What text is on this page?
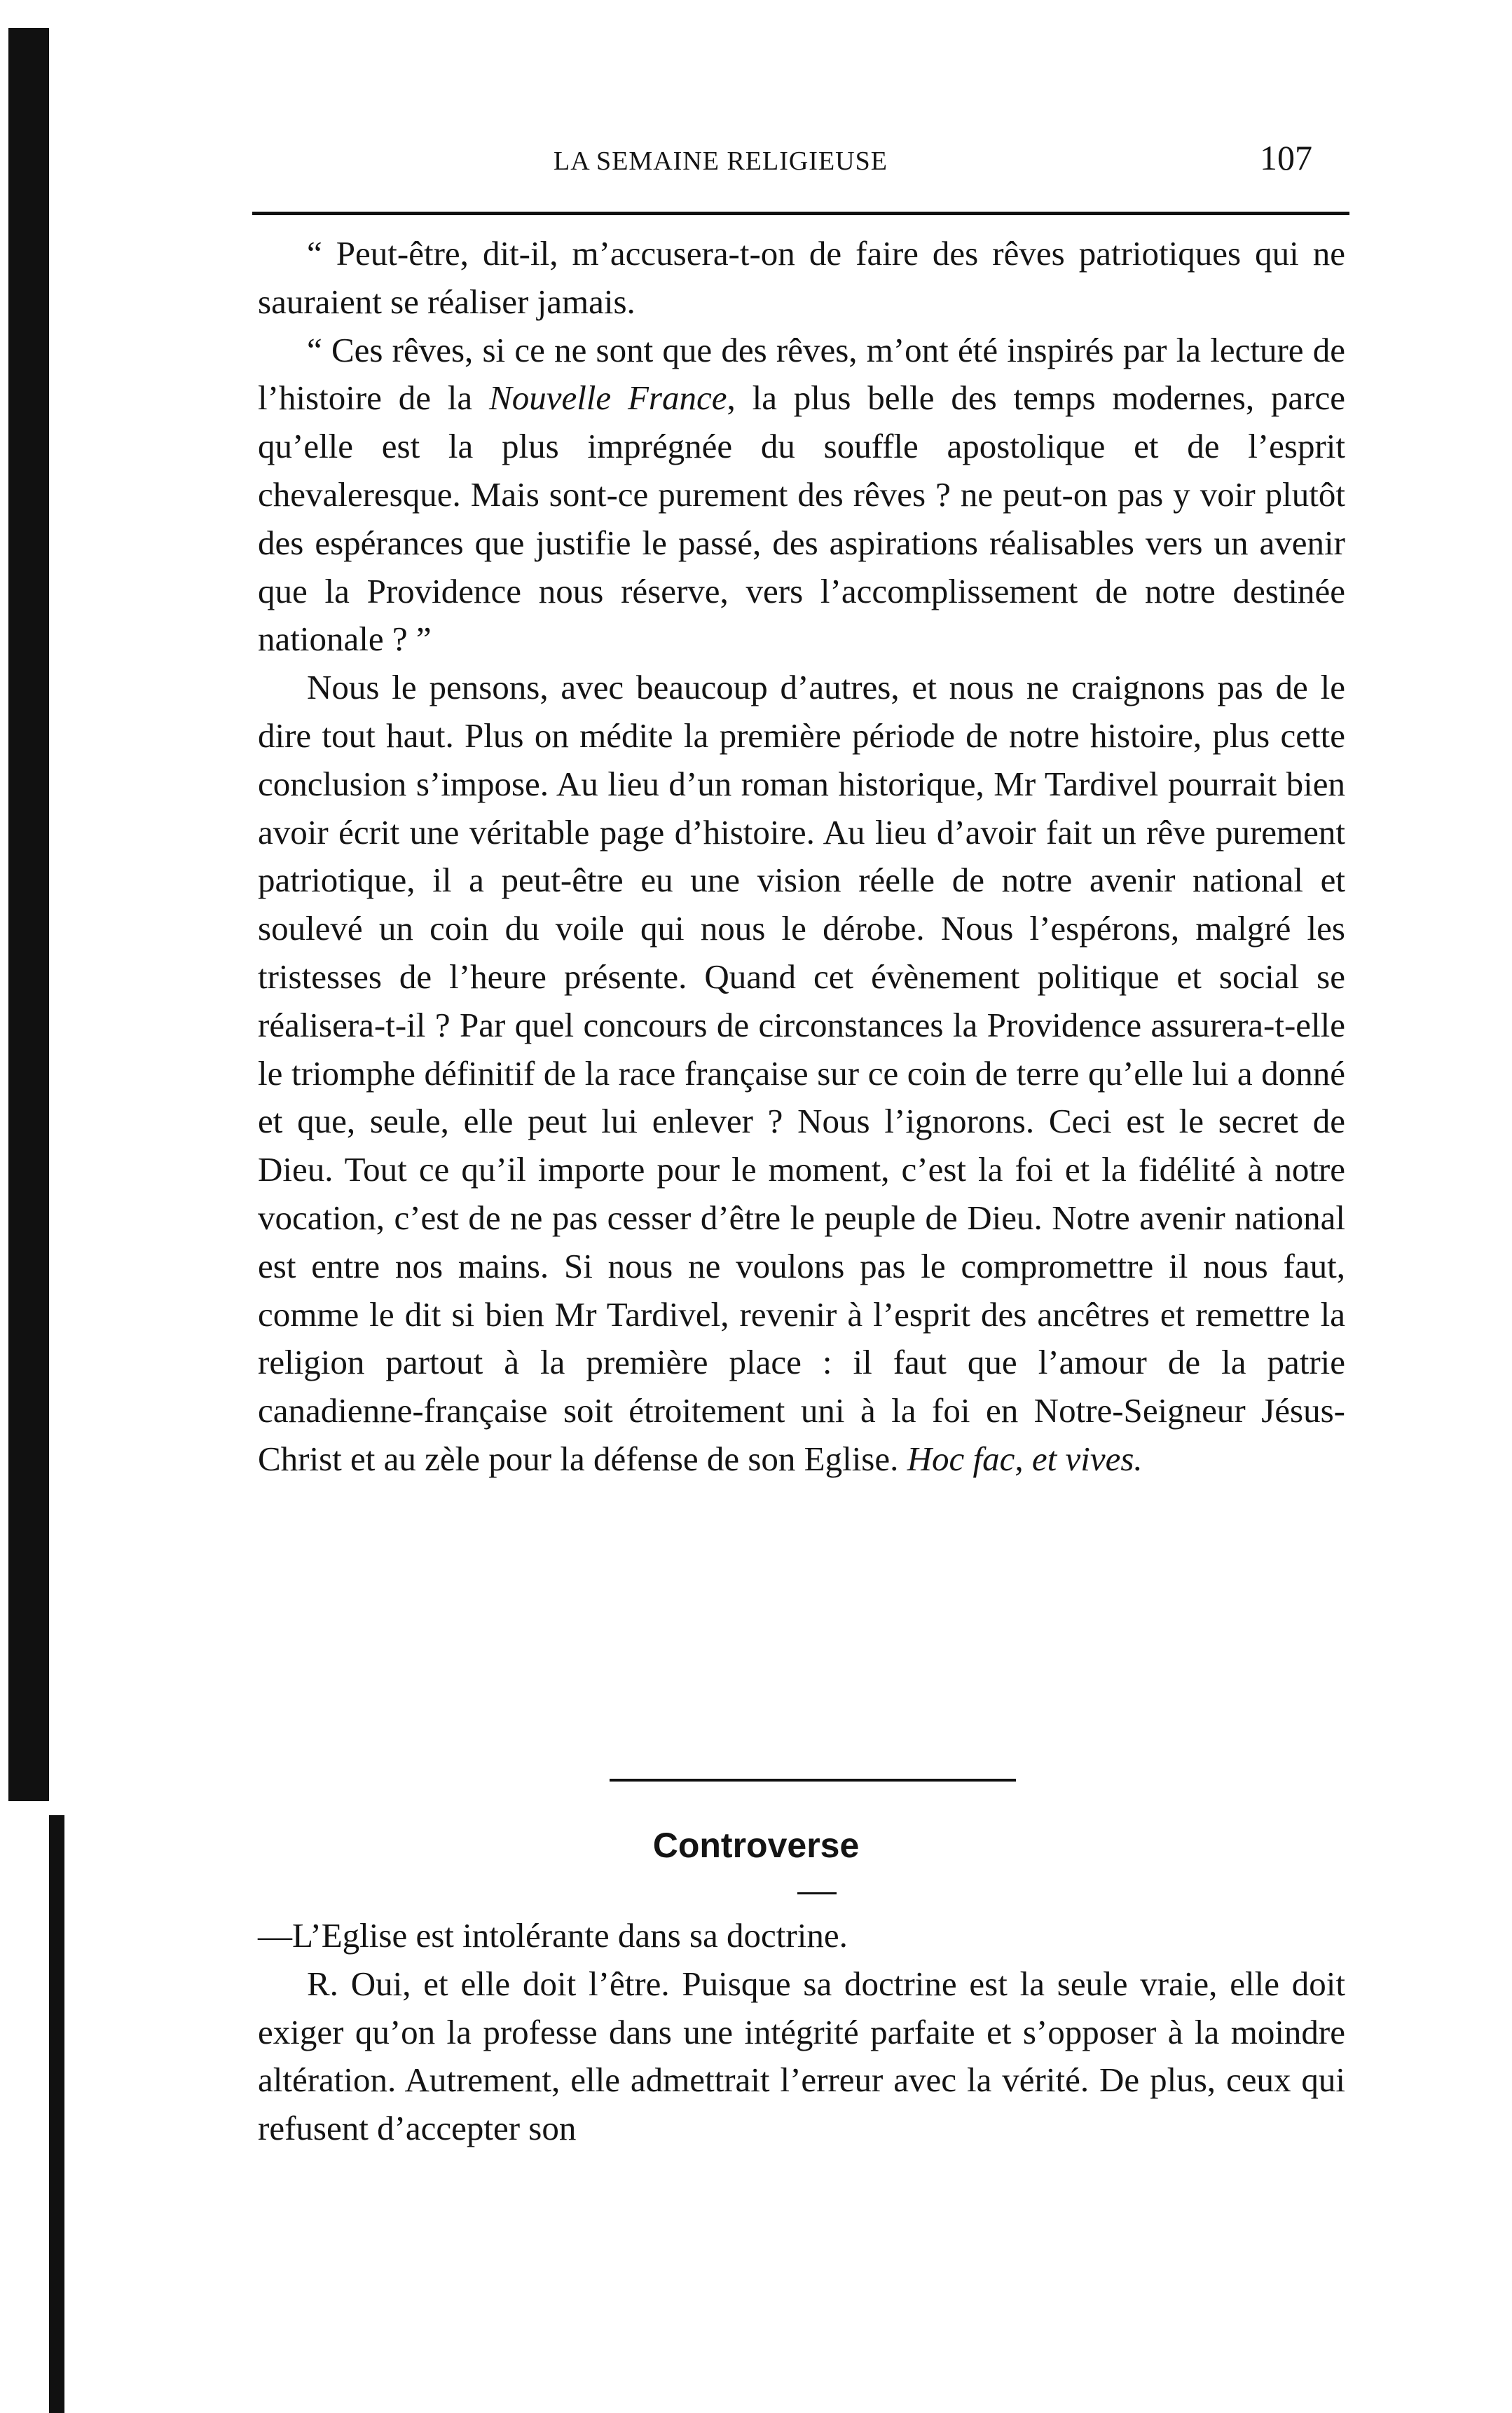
LA SEMAINE RELIGIEUSE	107

“ Peut-être, dit-il, m’accusera-t-on de faire des rêves patriotiques qui ne sauraient se réaliser jamais.

“ Ces rêves, si ce ne sont que des rêves, m’ont été inspirés par la lecture de l’histoire de la Nouvelle France, la plus belle des temps modernes, parce qu’elle est la plus imprégnée du souffle apostolique et de l’esprit chevaleresque. Mais sont-ce purement des rêves ? ne peut-on pas y voir plutôt des espérances que justifie le passé, des aspirations réalisables vers un avenir que la Providence nous réserve, vers l’accomplissement de notre destinée nationale ? ”

Nous le pensons, avec beaucoup d’autres, et nous ne craignons pas de le dire tout haut. Plus on médite la première période de notre histoire, plus cette conclusion s’impose. Au lieu d’un roman historique, Mr Tardivel pourrait bien avoir écrit une véritable page d’histoire. Au lieu d’avoir fait un rêve purement patriotique, il a peut-être eu une vision réelle de notre avenir national et soulevé un coin du voile qui nous le dérobe. Nous l’espérons, malgré les tristesses de l’heure présente. Quand cet évènement politique et social se réalisera-t-il ? Par quel concours de circonstances la Providence assurera-t-elle le triomphe définitif de la race française sur ce coin de terre qu’elle lui a donné et que, seule, elle peut lui enlever ? Nous l’ignorons. Ceci est le secret de Dieu. Tout ce qu’il importe pour le moment, c’est la foi et la fidélité à notre vocation, c’est de ne pas cesser d’être le peuple de Dieu. Notre avenir national est entre nos mains. Si nous ne voulons pas le compromettre il nous faut, comme le dit si bien Mr Tardivel, revenir à l’esprit des ancêtres et remettre la religion partout à la première place : il faut que l’amour de la patrie canadienne-française soit étroitement uni à la foi en Notre-Seigneur Jésus-Christ et au zèle pour la défense de son Eglise. Hoc fac, et vives.

Controverse

—L’Eglise est intolérante dans sa doctrine.

R. Oui, et elle doit l’être. Puisque sa doctrine est la seule vraie, elle doit exiger qu’on la professe dans une intégrité parfaite et s’opposer à la moindre altération. Autrement, elle admettrait l’erreur avec la vérité. De plus, ceux qui refusent d’accepter son
